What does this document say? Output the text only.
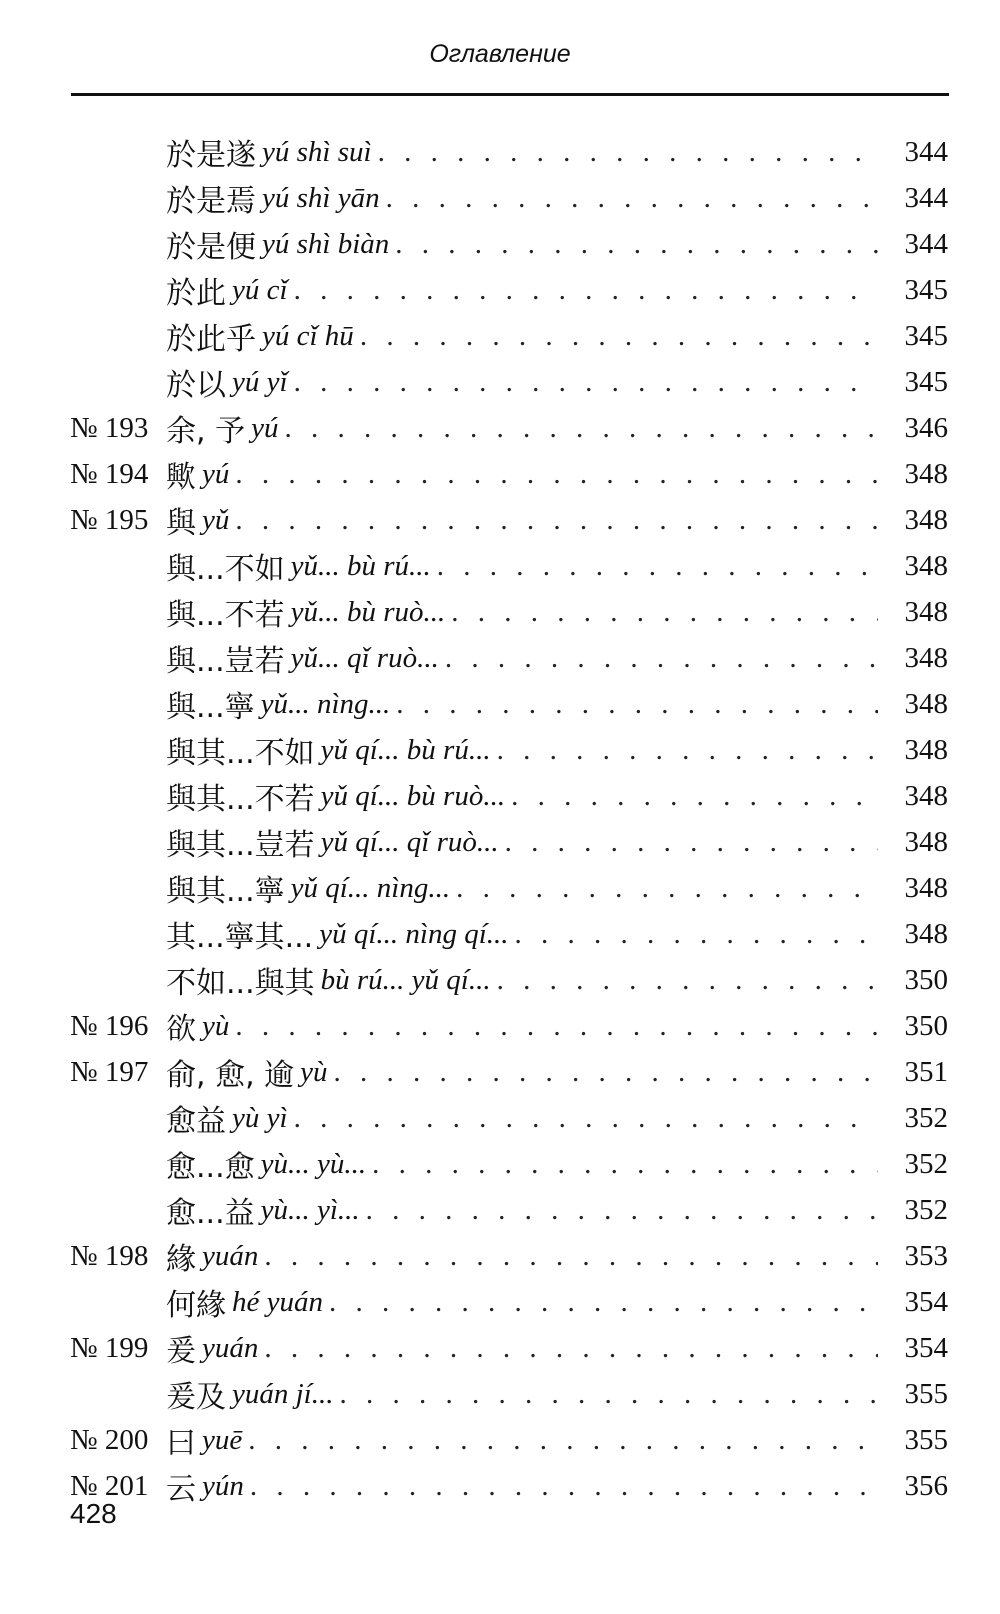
Оглавление
於是遂 yú shì suì . . .	344
於是焉 yú shì yān . . .	344
於是便 yú shì biàn . . .	344
於此 yú cǐ . . .	345
於此乎 yú cǐ hū . . .	345
於以 yú yǐ . . .	345
№ 193 余, 予 yú . . .	346
№ 194 歟 yú . . .	348
№ 195 與 yǔ . . .	348
與...不如 yǔ... bù rú... . . .	348
與...不若 yǔ... bù ruò... . . .	348
與...豈若 yǔ... qǐ ruò... . . .	348
與...寧 yǔ... nìng... . . .	348
與其...不如 yǔ qí... bù rú... . . .	348
與其...不若 yǔ qí... bù ruò... . . .	348
與其...豈若 yǔ qí... qǐ ruò... . . .	348
與其...寧 yǔ qí... nìng... . . .	348
其...寧其... yǔ qí... nìng qí... . . .	348
不如...與其 bù rú... yǔ qí... . . .	350
№ 196 欲 yù . . .	350
№ 197 俞, 愈, 逾 yù . . .	351
愈益 yù yì . . .	352
愈...愈 yù... yù... . . .	352
愈...益 yù... yì... . . .	352
№ 198 緣 yuán . . .	353
何緣 hé yuán . . .	354
№ 199 爰 yuán . . .	354
爰及 yuán jí... . . .	355
№ 200 曰 yuē . . .	355
№ 201 云 yún . . .	356
428
